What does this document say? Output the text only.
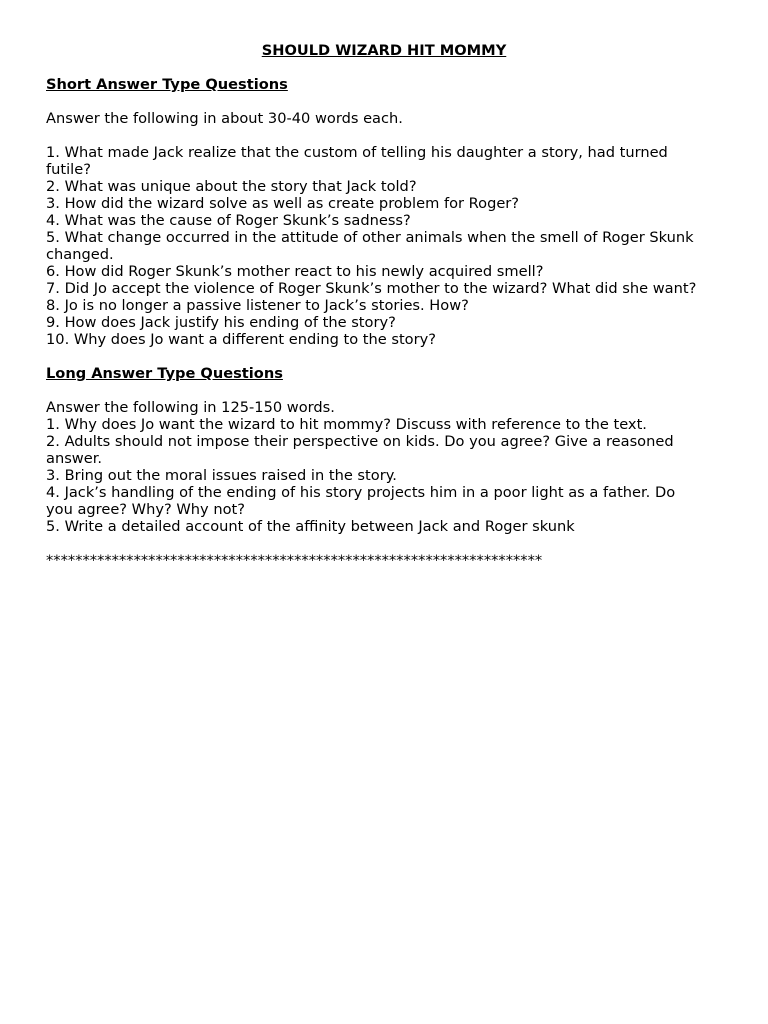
SHOULD WIZARD HIT MOMMY
Short Answer Type Questions
Answer the following in about 30-40 words each.
1. What made Jack realize that the custom of telling his daughter a story, had turned futile?
2. What was unique about the story that Jack told?
3. How did the wizard solve as well as create problem for Roger?
4. What was the cause of Roger Skunk’s sadness?
5. What change occurred in the attitude of other animals when the smell of Roger Skunk changed.
6. How did Roger Skunk’s mother react to his newly acquired smell?
7. Did Jo accept the violence of Roger Skunk’s mother to the wizard? What did she want?
8. Jo is no longer a passive listener to Jack’s stories. How?
9. How does Jack justify his ending of the story?
10. Why does Jo want a different ending to the story?
Long Answer Type Questions
Answer the following in 125-150 words.
1. Why does Jo want the wizard to hit mommy? Discuss with reference to the text.
2. Adults should not impose their perspective on kids. Do you agree? Give a reasoned answer.
3. Bring out the moral issues raised in the story.
4. Jack’s handling of the ending of his story projects him in a poor light as a father. Do you agree? Why? Why not?
5. Write a detailed account of the affinity between Jack and Roger skunk
********************************************************************
